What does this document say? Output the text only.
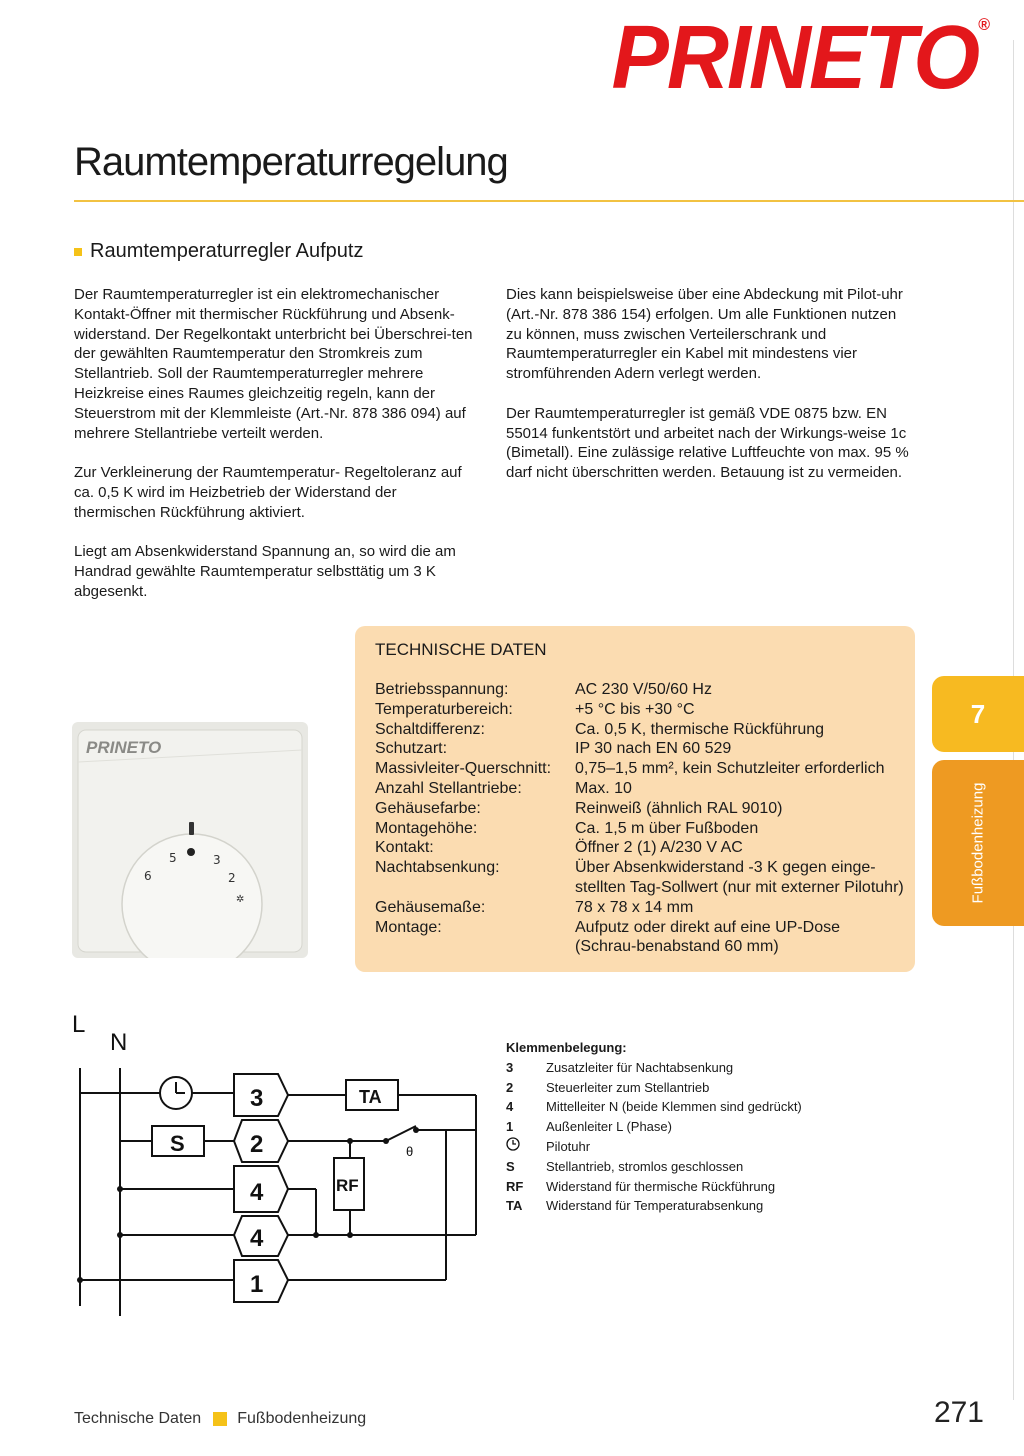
PRINETO®
Raumtemperaturregelung
Raumtemperaturregler Aufputz

Der Raumtemperaturregler ist ein elektromechanischer Kontakt-Öffner mit thermischer Rückführung und Absenk-widerstand. Der Regelkontakt unterbricht bei Überschrei-ten der gewählten Raumtemperatur den Stromkreis zum Stellantrieb. Soll der Raumtemperaturregler mehrere Heizkreise eines Raumes gleichzeitig regeln, kann der Steuerstrom mit der Klemmleiste (Art.-Nr. 878 386 094) auf mehrere Stellantriebe verteilt werden.

Zur Verkleinerung der Raumtemperatur- Regeltoleranz auf ca. 0,5 K wird im Heizbetrieb der Widerstand der thermischen Rückführung aktiviert.

Liegt am Absenkwiderstand Spannung an, so wird die am Handrad gewählte Raumtemperatur selbsttätig um 3 K abgesenkt.

Dies kann beispielsweise über eine Abdeckung mit Pilot-uhr (Art.-Nr. 878 386 154) erfolgen. Um alle Funktionen nutzen zu können, muss zwischen Verteilerschrank und Raumtemperaturregler ein Kabel mit mindestens vier stromführenden Adern verlegt werden.

Der Raumtemperaturregler ist gemäß VDE 0875 bzw. EN 55014 funkentstört und arbeitet nach der Wirkungs-weise 1c (Bimetall). Eine zulässige relative Luftfeuchte von max. 95 % darf nicht überschritten werden. Betauung ist zu vermeiden.

PRINETO
5
6
3
2
✲
TECHNISCHE DATEN
Betriebsspannung:	AC 230 V/50/60 Hz
Temperaturbereich:	+5 °C bis +30 °C
Schaltdifferenz:	Ca. 0,5 K, thermische Rückführung
Schutzart:	IP 30 nach EN 60 529
Massivleiter-Querschnitt:	0,75–1,5 mm², kein Schutzleiter erforderlich
Anzahl Stellantriebe:	Max. 10
Gehäusefarbe:	Reinweiß (ähnlich RAL 9010)
Montagehöhe:	Ca. 1,5 m über Fußboden
Kontakt:	Öffner 2 (1) A/230 V AC
Nachtabsenkung:	Über Absenkwiderstand -3 K gegen einge-stellten Tag-Sollwert (nur mit externer Pilotuhr)
Gehäusemaße:	78 x 78 x 14 mm
Montage:	Aufputz oder direkt auf eine UP-Dose (Schrau-benabstand 60 mm)
7
Fußbodenheizung
L
N
3
2
4
4
1
S
TA
RF
θ
Klemmenbelegung:
3	Zusatzleiter für Nachtabsenkung
2	Steuerleiter zum Stellantrieb
4	Mittelleiter N (beide Klemmen sind gedrückt)
1	Außenleiter L (Phase)
Pilotuhr
S	Stellantrieb, stromlos geschlossen
RF	Widerstand für thermische Rückführung
TA	Widerstand für Temperaturabsenkung
Technische Daten Fußbodenheizung	271
